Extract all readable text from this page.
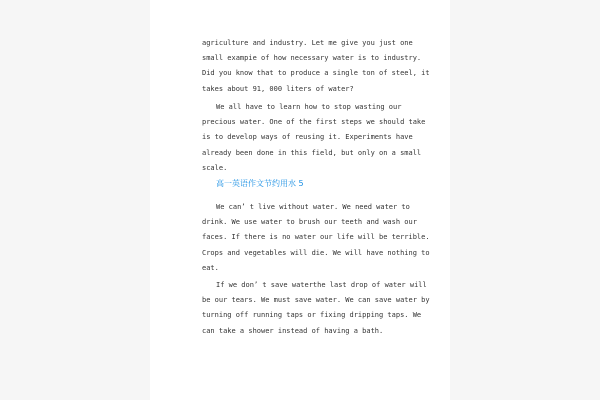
agriculture and industry. Let me give you just one
small exampie of how necessary water is to industry.
Did you know that to produce a single ton of steel, it
takes about 91, 000 liters of water?
We all have to learn how to stop wasting our
precious water. One of the first steps we should take
is to develop ways of reusing it. Experiments have
already been done in this field, but only on a small
scale.
高一英语作文节约用水 5
We can’ t live without water. We need water to
drink. We use water to brush our teeth and wash our
faces. If there is no water our life will be terrible.
Crops and vegetables will die. We will have nothing to
eat.
If we don’ t save waterthe last drop of water will
be our tears. We must save water. We can save water by
turning off running taps or fixing dripping taps. We
can take a shower instead of having a bath.
